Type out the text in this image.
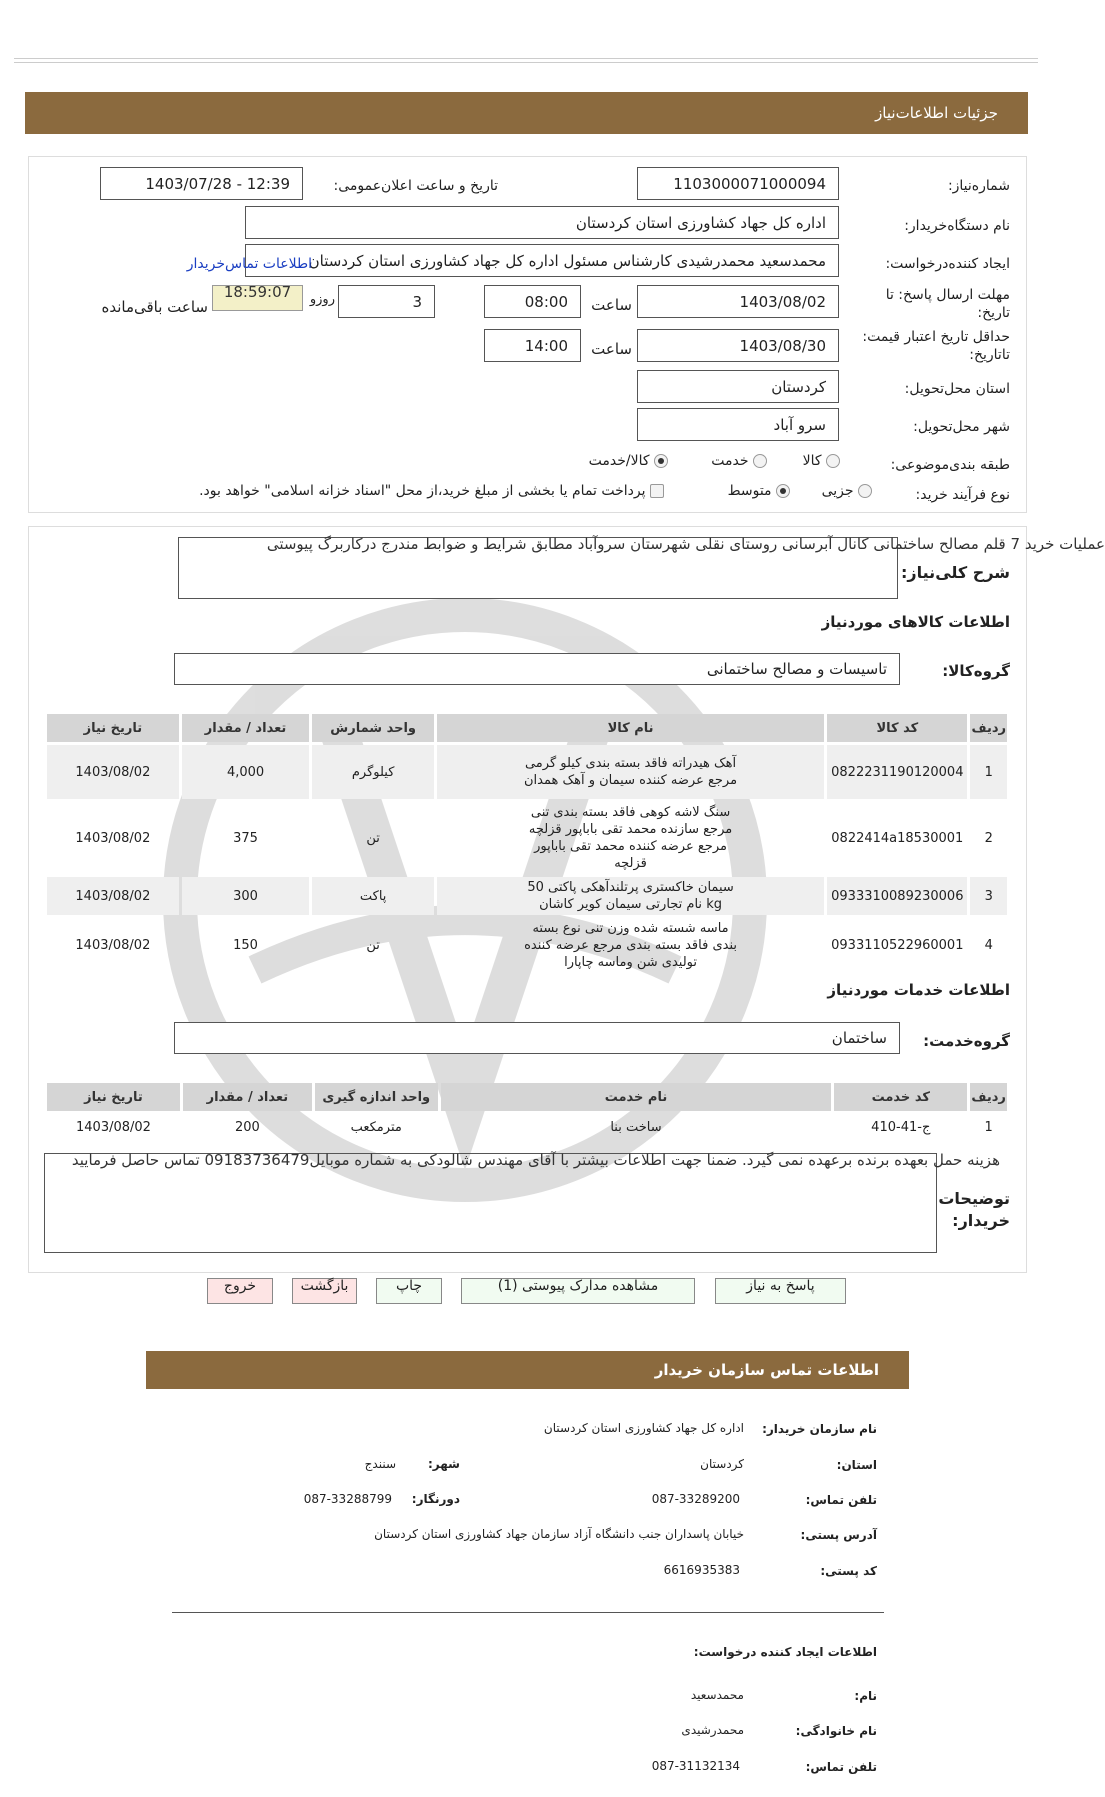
جزئیات اطلاعات‌نیاز
شماره‌نیاز:
1103000071000094
تاریخ و ساعت اعلان‌عمومی:
1403/07/28 - 12:39
نام دستگاه‌خریدار:
اداره کل جهاد کشاورزی استان کردستان
ایجاد کننده‌درخواست:
محمدسعید محمدرشیدی کارشناس مسئول اداره کل جهاد کشاورزی استان کردستان
اطلاعات تماس‌خریدار
مهلت ارسال پاسخ: تا
تاریخ:
1403/08/02
ساعت
08:00
3
روزو
18:59:07
ساعت باقی‌مانده
حداقل تاریخ اعتبار قیمت:
تاتاریخ:
1403/08/30
ساعت
14:00
استان محل‌تحویل:
کردستان
شهر محل‌تحویل:
سرو آباد
طبقه بندی‌موضوعی:
کالا
خدمت
کالا/خدمت
نوع فرآیند خرید:
جزیی
متوسط
پرداخت تمام یا بخشی از مبلغ خرید،از محل "اسناد خزانه اسلامی" خواهد بود.
شرح کلی‌نیاز:
عملیات خرید 7 قلم مصالح ساختمانی کانال آبرسانی روستای نقلی شهرستان سروآباد مطابق شرایط و ضوابط مندرج درکاربرگ پیوستی
اطلاعات کالاهای موردنیاز
گروه‌کالا:
تاسیسات و مصالح ساختمانی
ردیف	کد کالا	نام کالا	واحد شمارش	تعداد / مقدار	تاریخ نیاز
1	0822231190120004	آهک هیدراته فاقد بسته بندی کیلو گرمی مرجع عرضه کننده سیمان و آهک همدان	کیلوگرم	4,000	1403/08/02
2	0822414a18530001	سنگ لاشه کوهی فاقد بسته بندی تنی مرجع سازنده محمد تقی باباپور قزلچه مرجع عرضه کننده محمد تقی باباپور قزلچه	تن	375	1403/08/02
3	0933310089230006	سیمان خاکستری پرتلندآهکی پاکتی 50 kg نام تجارتی سیمان کویر کاشان	پاکت	300	1403/08/02
4	0933110522960001	ماسه شسته شده وزن تنی نوع بسته بندی فاقد بسته بندی مرجع عرضه کننده تولیدی شن وماسه چاپارا	تن	150	1403/08/02
اطلاعات خدمات موردنیاز
گروه‌خدمت:
ساختمان
ردیف	کد خدمت	نام خدمت	واحد اندازه گیری	تعداد / مقدار	تاریخ نیاز
1	ج-41-410	ساخت بنا	مترمکعب	200	1403/08/02
توضیحات
خریدار:
هزینه حمل بعهده برنده برعهده نمی گیرد. ضمنا جهت اطلاعات بیشتر با آقای مهندس شالودکی به شماره موبایل09183736479 تماس حاصل فرمایید
پاسخ به نیاز
مشاهده مدارک پیوستی (1)
چاپ
بازگشت
خروج
اطلاعات تماس سازمان خریدار
نام سازمان خریدار:
اداره کل جهاد کشاورزی استان کردستان
استان:
کردستان
شهر:
سنندج
تلفن تماس:
087-33289200
دورنگار:
087-33288799
آدرس پستی:
خیابان پاسداران جنب دانشگاه آزاد سازمان جهاد کشاورزی استان کردستان
کد پستی:
6616935383
اطلاعات ایجاد کننده درخواست:
نام:
محمدسعید
نام خانوادگی:
محمدرشیدی
تلفن تماس:
087-31132134
